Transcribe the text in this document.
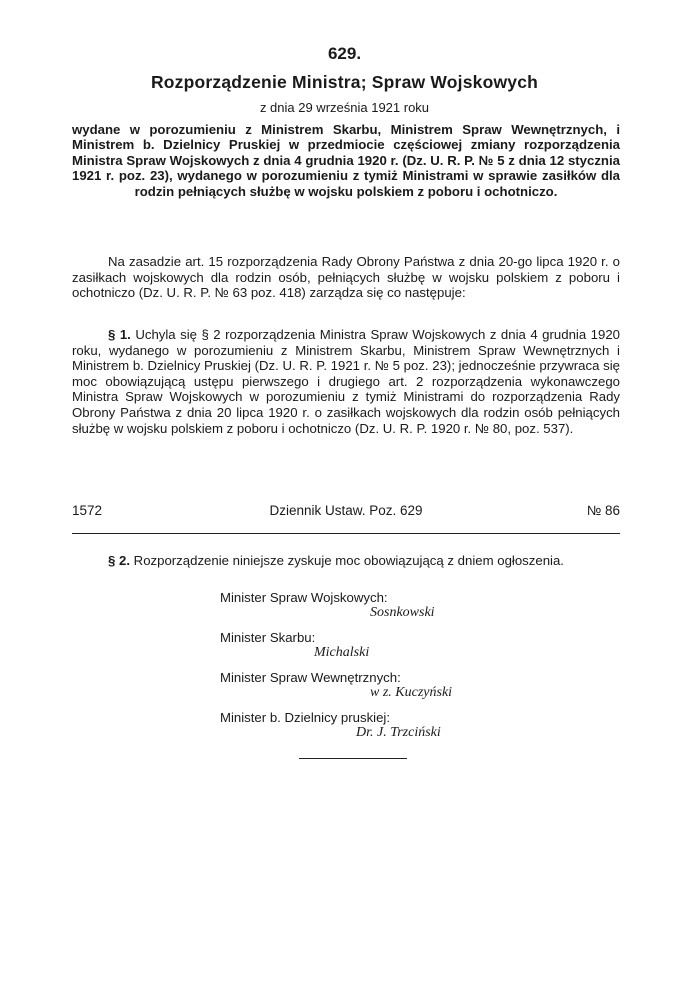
629.
Rozporządzenie Ministra; Spraw Wojskowych
z dnia 29 września 1921 roku
wydane w porozumieniu z Ministrem Skarbu, Ministrem Spraw Wewnętrznych, i Ministrem b. Dzielnicy Pruskiej w przedmiocie częściowej zmiany rozporządzenia Ministra Spraw Wojskowych z dnia 4 grudnia 1920 r. (Dz. U. R. P. № 5 z dnia 12 stycznia 1921 r. poz. 23), wydanego w porozumieniu z tymiż Ministrami w sprawie zasiłków dla rodzin pełniących służbę w wojsku polskiem z poboru i ochotniczo.
Na zasadzie art. 15 rozporządzenia Rady Obrony Państwa z dnia 20-go lipca 1920 r. o zasiłkach wojskowych dla rodzin osób, pełniących służbę w wojsku polskiem z poboru i ochotniczo (Dz. U. R. P. № 63 poz. 418) zarządza się co następuje:
§ 1. Uchyla się § 2 rozporządzenia Ministra Spraw Wojskowych z dnia 4 grudnia 1920 roku, wydanego w porozumieniu z Ministrem Skarbu, Ministrem Spraw Wewnętrznych i Ministrem b. Dzielnicy Pruskiej (Dz. U. R. P. 1921 r. № 5 poz. 23); jednocześnie przywraca się moc obowiązującą ustępu pierwszego i drugiego art. 2 rozporządzenia wykonawczego Ministra Spraw Wojskowych w porozumieniu z tymiż Ministrami do rozporządzenia Rady Obrony Państwa z dnia 20 lipca 1920 r. o zasiłkach wojskowych dla rodzin osób pełniących służbę w wojsku polskiem z poboru i ochotniczo (Dz. U. R. P. 1920 r. № 80, poz. 537).
1572	Dziennik Ustaw. Poz. 629	№ 86
§ 2. Rozporządzenie niniejsze zyskuje moc obowiązującą z dniem ogłoszenia.
Minister Spraw Wojskowych:
Sosnkowski
Minister Skarbu:
Michalski
Minister Spraw Wewnętrznych:
w z. Kuczyński
Minister b. Dzielnicy pruskiej:
Dr. J. Trzciński
